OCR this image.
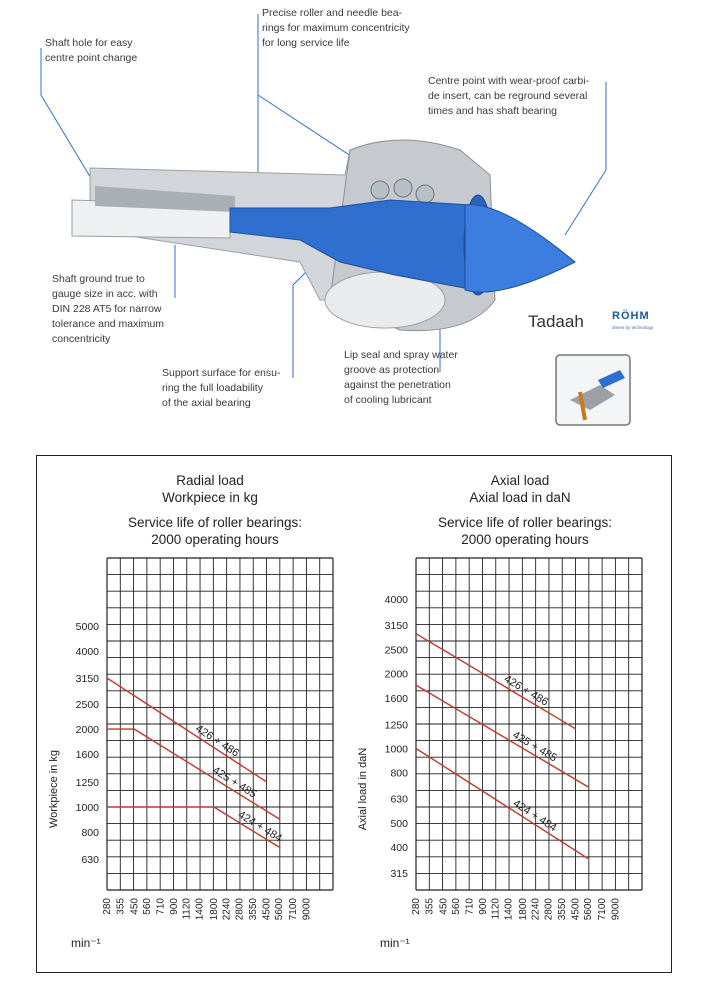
Shaft hole for easy
centre point change
Precise roller and needle bea-
rings for maximum concentricity
for long service life
Centre point with wear-proof carbi-
de insert, can be reground several
times and has shaft bearing
Shaft ground true to
gauge size in acc. with
DIN 228 AT5 for narrow
tolerance and maximum
concentricity
Support surface for ensu-
ring the full loadability
of the axial bearing
Lip seal and spray water
groove as protection
against the penetration
of cooling lubricant
Tadaah	RÖHM
driven by technology
Radial load
Workpiece in kg
Service life of roller bearings:
2000 operating hours
Axial load
Axial load in daN
Service life of roller bearings:
2000 operating hours
280 355 450 560 710 900 1120 1400 1800 2240 2800 3550 4500 5600 7100 9000
630
800
1000
1250
1600
2000
2500
3150
4000
5000
Workpiece in kg
min⁻¹
426 + 486
425 + 485
424 + 484
280 355 450 560 710 900 1120 1400 1800 2240 2800 3550 4500 5600 7100 9000
315
400
500
630
800
1000
1250
1600
2000
2500
3150
4000
Axial load in daN
min⁻¹
426 + 486
425 + 485
424 + 484
